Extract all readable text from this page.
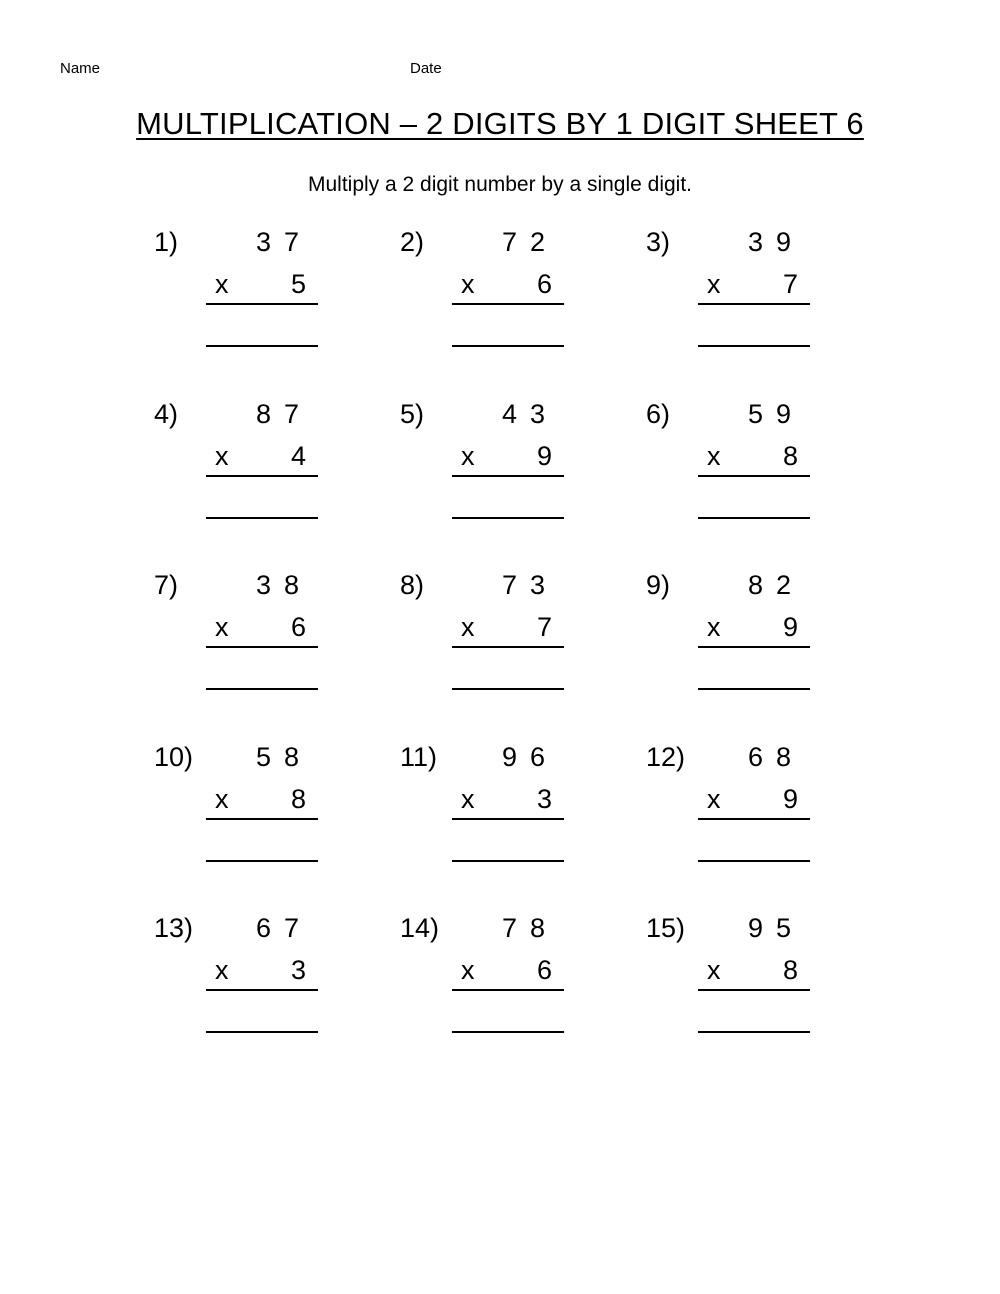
Name	Date
MULTIPLICATION – 2 DIGITS BY 1 DIGIT SHEET 6
Multiply a 2 digit number by a single digit.
1)	37
x	5
2)	72
x	6
3)	39
x	7
4)	87
x	4
5)	43
x	9
6)	59
x	8
7)	38
x	6
8)	73
x	7
9)	82
x	9
10)	58
x	8
11)	96
x	3
12)	68
x	9
13)	67
x	3
14)	78
x	6
15)	95
x	8
